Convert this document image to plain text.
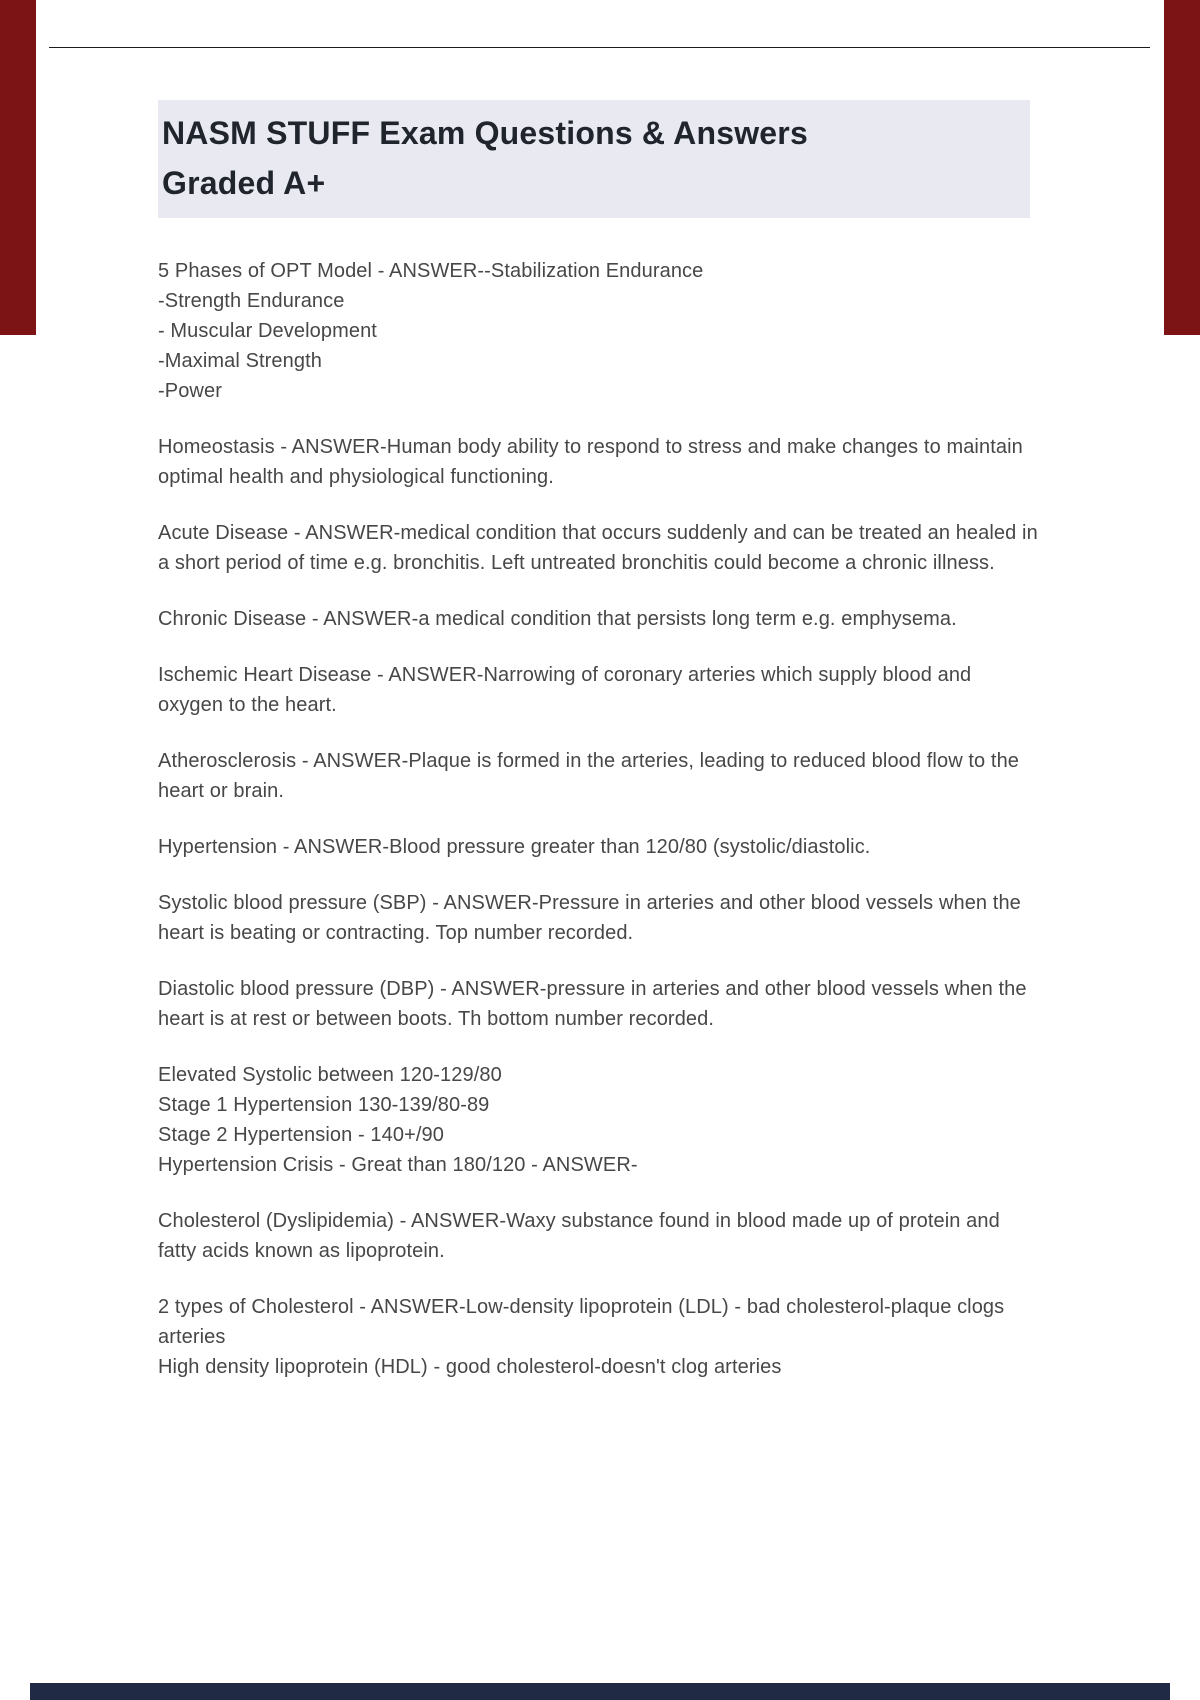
NASM STUFF Exam Questions & Answers
Graded A+

5 Phases of OPT Model - ANSWER--Stabilization Endurance
-Strength Endurance
- Muscular Development
-Maximal Strength
-Power

Homeostasis - ANSWER-Human body ability to respond to stress and make changes to maintain optimal health and physiological functioning.

Acute Disease - ANSWER-medical condition that occurs suddenly and can be treated an healed in a short period of time e.g. bronchitis. Left untreated bronchitis could become a chronic illness.

Chronic Disease - ANSWER-a medical condition that persists long term e.g. emphysema.

Ischemic Heart Disease - ANSWER-Narrowing of coronary arteries which supply blood and oxygen to the heart.

Atherosclerosis - ANSWER-Plaque is formed in the arteries, leading to reduced blood flow to the heart or brain.

Hypertension - ANSWER-Blood pressure greater than 120/80 (systolic/diastolic.

Systolic blood pressure (SBP) - ANSWER-Pressure in arteries and other blood vessels when the heart is beating or contracting. Top number recorded.

Diastolic blood pressure (DBP) - ANSWER-pressure in arteries and other blood vessels when the heart is at rest or between boots. Th bottom number recorded.

Elevated Systolic between 120-129/80
Stage 1 Hypertension 130-139/80-89
Stage 2 Hypertension - 140+/90
Hypertension Crisis - Great than 180/120 - ANSWER-

Cholesterol (Dyslipidemia) - ANSWER-Waxy substance found in blood made up of protein and fatty acids known as lipoprotein.

2 types of Cholesterol - ANSWER-Low-density lipoprotein (LDL) - bad cholesterol-plaque clogs arteries
High density lipoprotein (HDL) - good cholesterol-doesn't clog arteries
